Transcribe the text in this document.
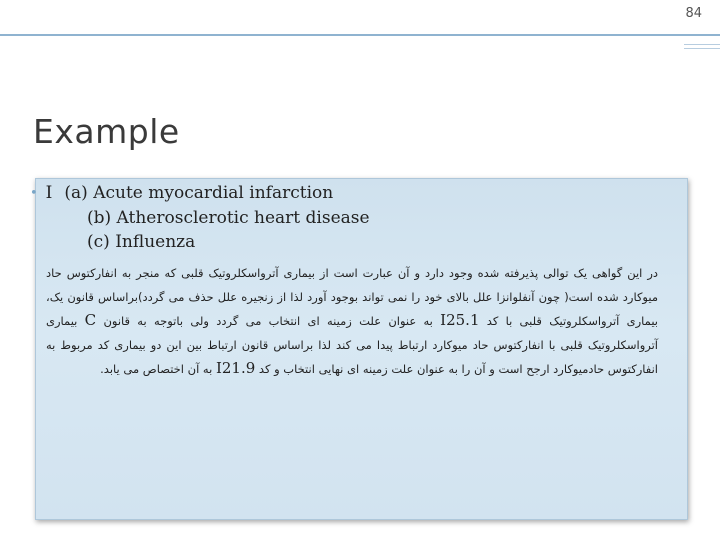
84
Example
• I (a) Acute myocardial infarction
(b) Atherosclerotic heart disease
(c) Influenza
در این گواهی یک توالی پذیرفته شده وجود دارد و آن عبارت است از بیماری آترواسکلروتیک قلبی که منجر به انفارکتوس حاد میوکارد شده است( چون آنفلوانزا علل بالای خود را نمی تواند بوجود آورد لذا از زنجیره علل حذف می گردد)براساس قانون یک، بیماری آترواسکلروتیک قلبی با کد I25.1 به عنوان علت زمینه ای انتخاب می گردد ولی باتوجه به قانون C بیماری آترواسکلروتیک قلبی با انفارکتوس حاد میوکارد ارتباط پیدا می کند لذا براساس قانون ارتباط بین این دو بیماری کد مربوط به انفارکتوس حادمیوکارد ارجح است و آن را به عنوان علت زمینه ای نهایی انتخاب و کد I21.9 به آن اختصاص می یابد.
